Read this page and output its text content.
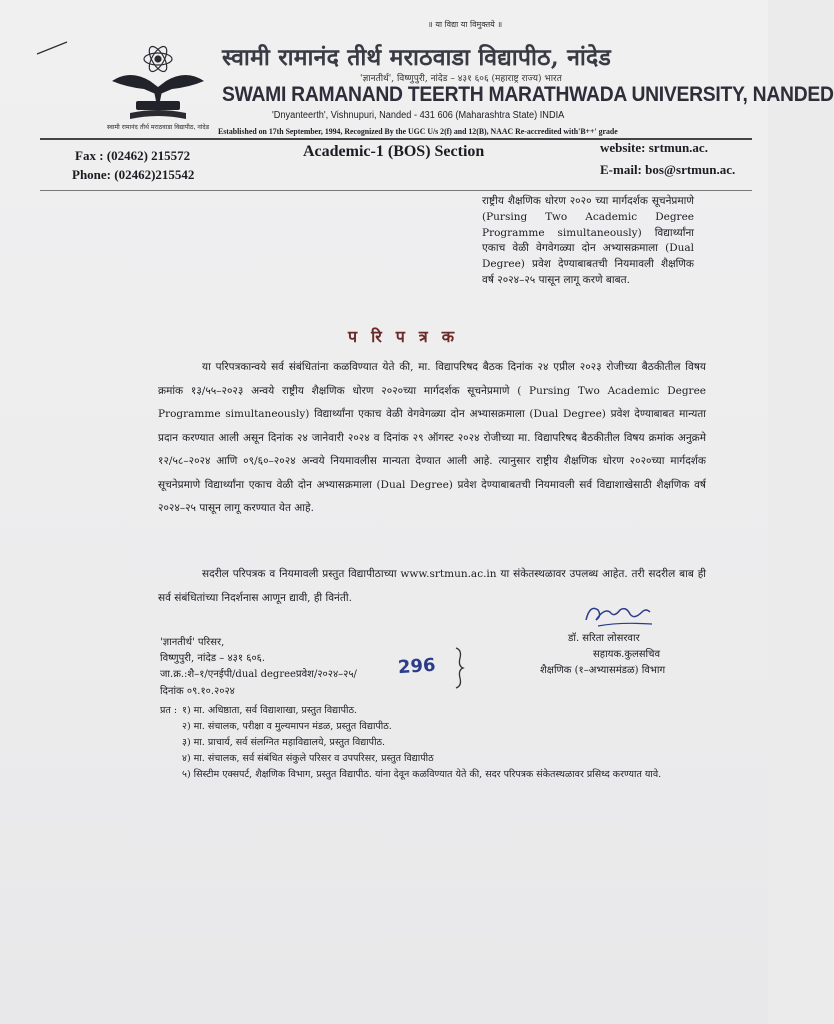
॥ या विद्या या विमुक्तये ॥
स्वामी रामानंद तीर्थ मराठवाडा विद्यापीठ, नांदेड
स्वामी रामानंद तीर्थ मराठवाडा विद्यापीठ, नांदेड
'ज्ञानतीर्थ', विष्णुपुरी, नांदेड – ४३१ ६०६ (महाराष्ट्र राज्य) भारत
SWAMI RAMANAND TEERTH MARATHWADA UNIVERSITY, NANDED
'Dnyanteerth', Vishnupuri, Nanded - 431 606 (Maharashtra State) INDIA
Established on 17th September, 1994, Recognized By the UGC U/s 2(f) and 12(B), NAAC Re-accredited with'B++' grade
Fax : (02462) 215572
Phone: (02462)215542
Academic-1 (BOS) Section	website: srtmun.ac.
E-mail: bos@srtmun.ac.
राष्ट्रीय शैक्षणिक धोरण २०२० च्या मार्गदर्शक सूचनेप्रमाणे (Pursing Two Academic Degree Programme simultaneously) विद्यार्थ्यांना एकाच वेळी वेगवेगळ्या दोन अभ्यासक्रमाला (Dual Degree) प्रवेश देण्याबाबतची नियमावली शैक्षणिक वर्ष २०२४–२५ पासून लागू करणे बाबत.
परिपत्रक
या परिपत्रकान्वये सर्व संबंधितांना कळविण्यात येते की, मा. विद्यापरिषद बैठक दिनांक २४ एप्रील २०२३ रोजीच्या बैठकीतील विषय क्रमांक १३/५५–२०२३ अन्वये राष्ट्रीय शैक्षणिक धोरण २०२०च्या मार्गदर्शक सूचनेप्रमाणे ( Pursing Two Academic Degree Programme simultaneously) विद्यार्थ्यांना एकाच वेळी वेगवेगळ्या दोन अभ्यासक्रमाला (Dual Degree) प्रवेश देण्याबाबत मान्यता प्रदान करण्यात आली असून दिनांक २४ जानेवारी २०२४ व दिनांक २९ ऑगस्ट २०२४ रोजीच्या मा. विद्यापरिषद बैठकीतील विषय क्रमांक अनुक्रमे १२/५८–२०२४ आणि ०९/६०–२०२४ अन्वये नियमावलीस मान्यता देण्यात आली आहे. त्यानुसार राष्ट्रीय शैक्षणिक धोरण २०२०च्या मार्गदर्शक सूचनेप्रमाणे विद्यार्थ्यांना एकाच वेळी दोन अभ्यासक्रमाला (Dual Degree) प्रवेश देण्याबाबतची नियमावली सर्व विद्याशाखेसाठी शैक्षणिक वर्ष २०२४–२५ पासून लागू करण्यात येत आहे.
सदरील परिपत्रक व नियमावली प्रस्तुत विद्यापीठाच्या www.srtmun.ac.in या संकेतस्थळावर उपलब्ध आहेत. तरी सदरील बाब ही सर्व संबंधितांच्या निदर्शनास आणून द्यावी, ही विनंती.
डॉ. सरिता लोसरवार
सहायक.कुलसचिव
शैक्षणिक (१–अभ्यासमंडळ) विभाग
'ज्ञानतीर्थ' परिसर,
विष्णुपुरी, नांदेड – ४३१ ६०६.
जा.क्र.:शै–१/एनईपी/dual degreeप्रवेश/२०२४–२५/ 296
दिनांक ०९.१०.२०२४
प्रत : १) मा. अधिष्ठाता, सर्व विद्याशाखा, प्रस्तुत विद्यापीठ.
२) मा. संचालक, परीक्षा व मुल्यमापन मंडळ, प्रस्तुत विद्यापीठ.
३) मा. प्राचार्य, सर्व संलग्नित महाविद्यालये, प्रस्तुत विद्यापीठ.
४) मा. संचालक, सर्व संबंधित संकुले परिसर व उपपरिसर, प्रस्तुत विद्यापीठ
५) सिस्टीम एक्सपर्ट, शैक्षणिक विभाग, प्रस्तुत विद्यापीठ. यांना देवून कळविण्यात येते की, सदर परिपत्रक संकेतस्थळावर प्रसिध्द करण्यात यावे.
